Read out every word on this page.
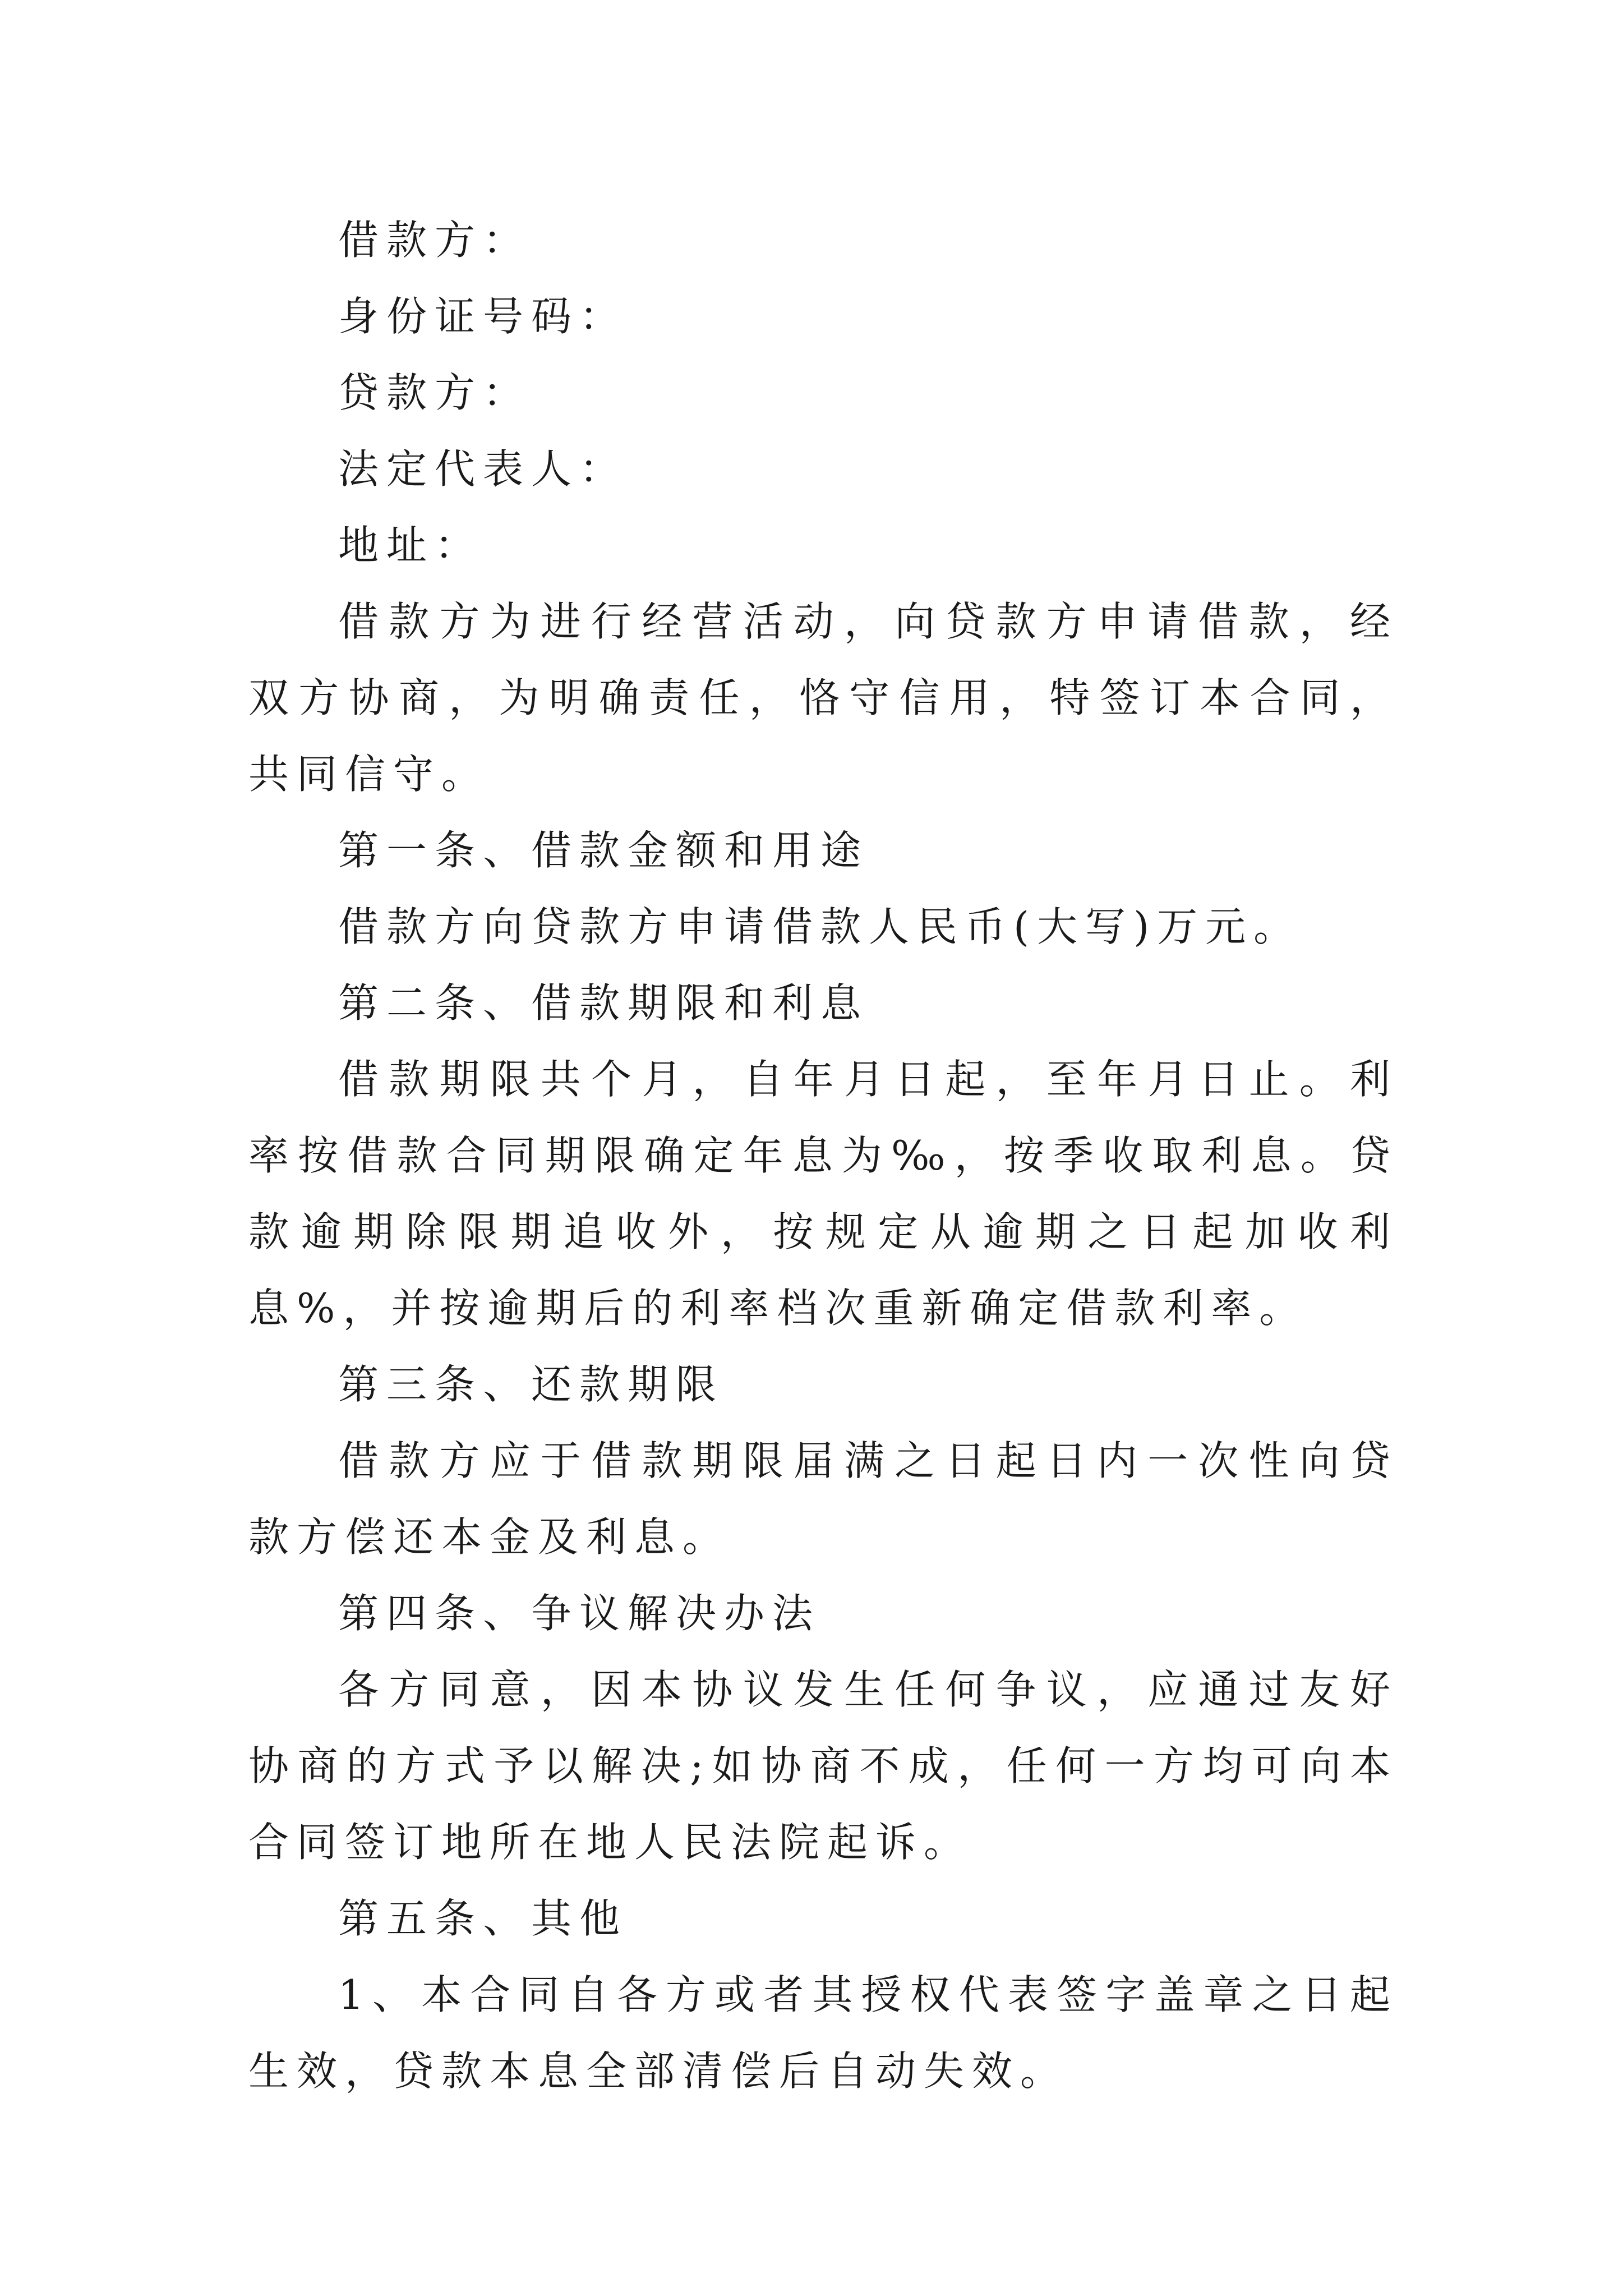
借款方：

身份证号码：

贷款方：

法定代表人：

地址：

借款方为进行经营活动，向贷款方申请借款，经双方协商，为明确责任，恪守信用，特签订本合同，共同信守。

第一条、借款金额和用途

借款方向贷款方申请借款人民币(大写)万元。

第二条、借款期限和利息

借款期限共个月，自年月日起，至年月日止。利率按借款合同期限确定年息为‰，按季收取利息。贷款逾期除限期追收外，按规定从逾期之日起加收利息%，并按逾期后的利率档次重新确定借款利率。

第三条、还款期限

借款方应于借款期限届满之日起日内一次性向贷款方偿还本金及利息。

第四条、争议解决办法

各方同意，因本协议发生任何争议，应通过友好协商的方式予以解决;如协商不成，任何一方均可向本合同签订地所在地人民法院起诉。

第五条、其他

1、本合同自各方或者其授权代表签字盖章之日起生效，贷款本息全部清偿后自动失效。
